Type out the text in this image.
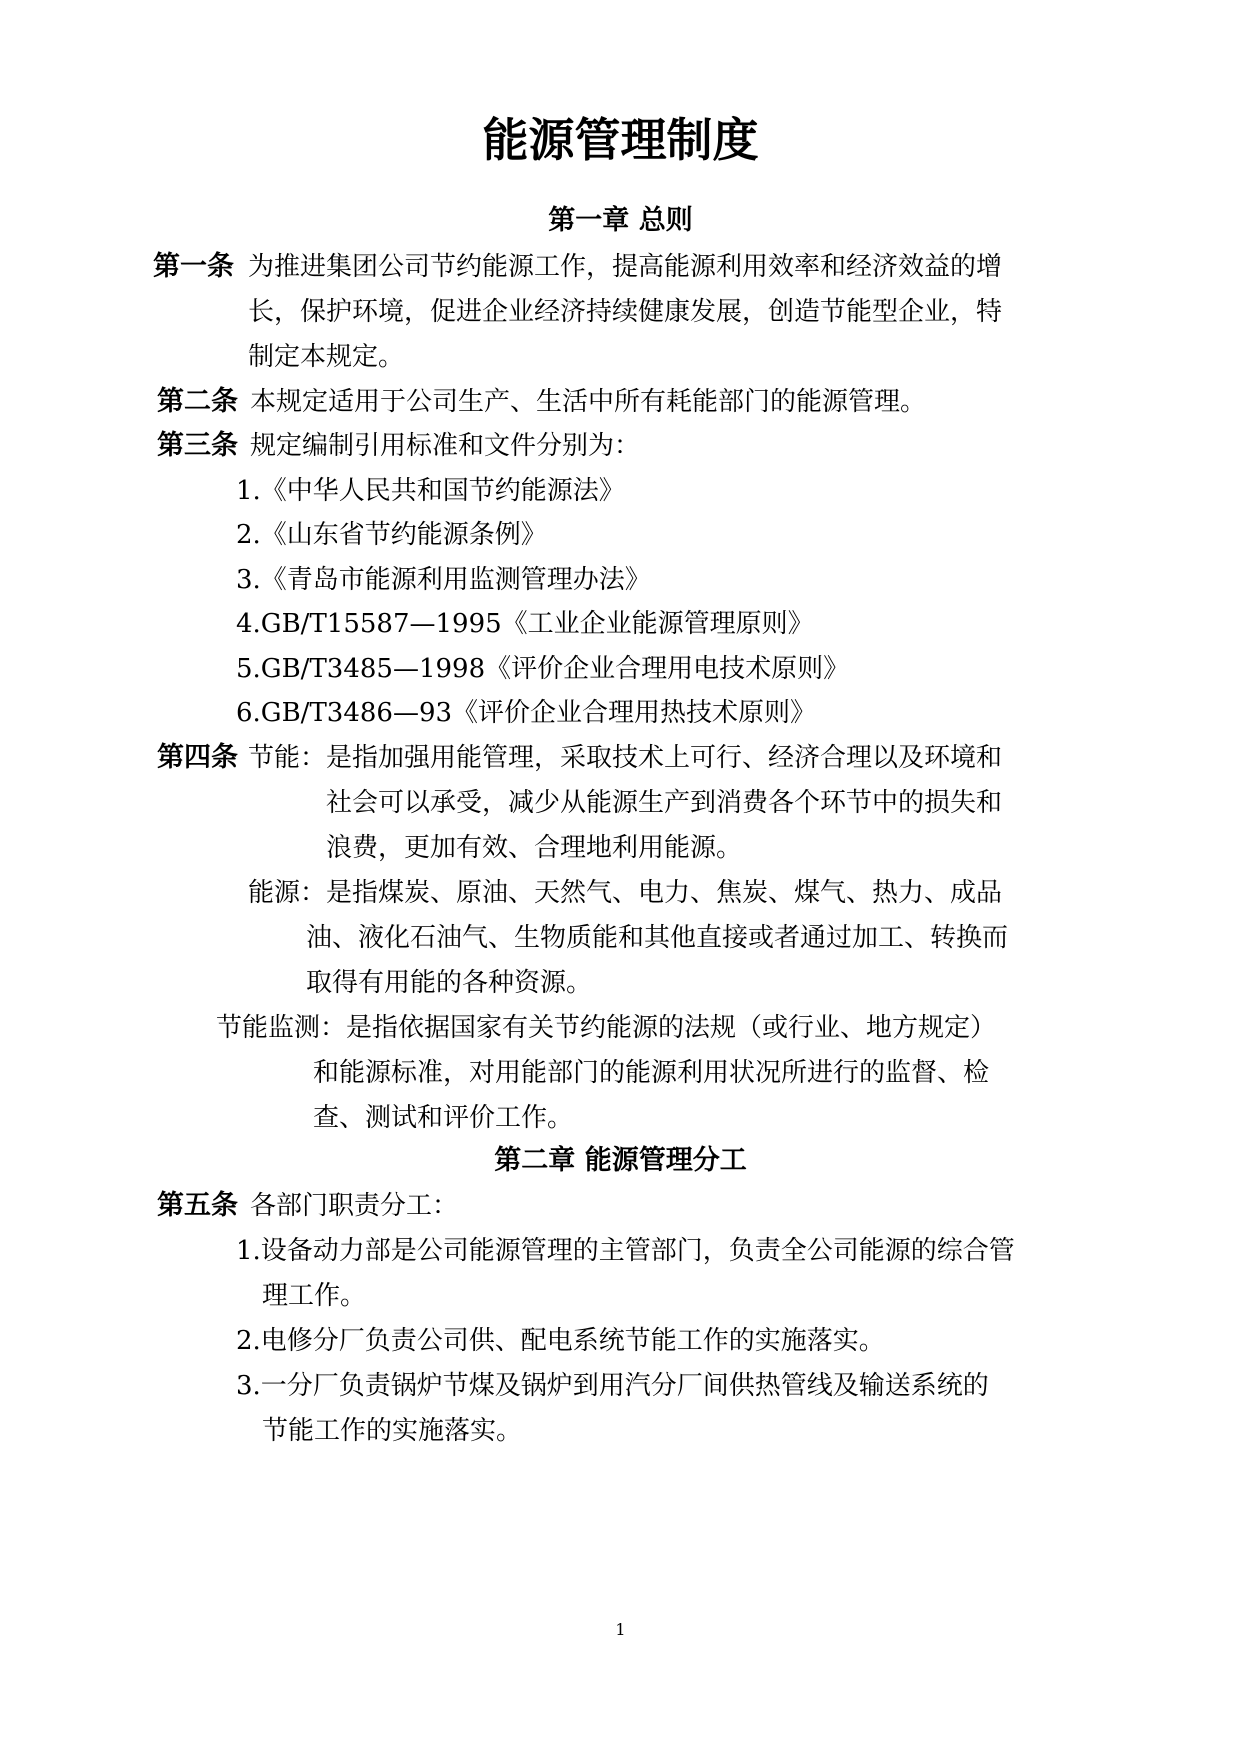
能源管理制度
第一章 总则
第一条 为推进集团公司节约能源工作，提高能源利用效率和经济效益的增
长，保护环境，促进企业经济持续健康发展，创造节能型企业，特
制定本规定。
第二条 本规定适用于公司生产、生活中所有耗能部门的能源管理。
第三条 规定编制引用标准和文件分别为：
1.《中华人民共和国节约能源法》
2.《山东省节约能源条例》
3.《青岛市能源利用监测管理办法》
4.GB/T15587—1995《工业企业能源管理原则》
5.GB/T3485—1998《评价企业合理用电技术原则》
6.GB/T3486—93《评价企业合理用热技术原则》
第四条 节能：是指加强用能管理，采取技术上可行、经济合理以及环境和
社会可以承受，减少从能源生产到消费各个环节中的损失和
浪费，更加有效、合理地利用能源。
能源：是指煤炭、原油、天然气、电力、焦炭、煤气、热力、成品
油、液化石油气、生物质能和其他直接或者通过加工、转换而
取得有用能的各种资源。
节能监测：是指依据国家有关节约能源的法规（或行业、地方规定）
和能源标准，对用能部门的能源利用状况所进行的监督、检
查、测试和评价工作。
第二章 能源管理分工
第五条 各部门职责分工：
1.设备动力部是公司能源管理的主管部门，负责全公司能源的综合管
理工作。
2.电修分厂负责公司供、配电系统节能工作的实施落实。
3.一分厂负责锅炉节煤及锅炉到用汽分厂间供热管线及输送系统的
节能工作的实施落实。
1
